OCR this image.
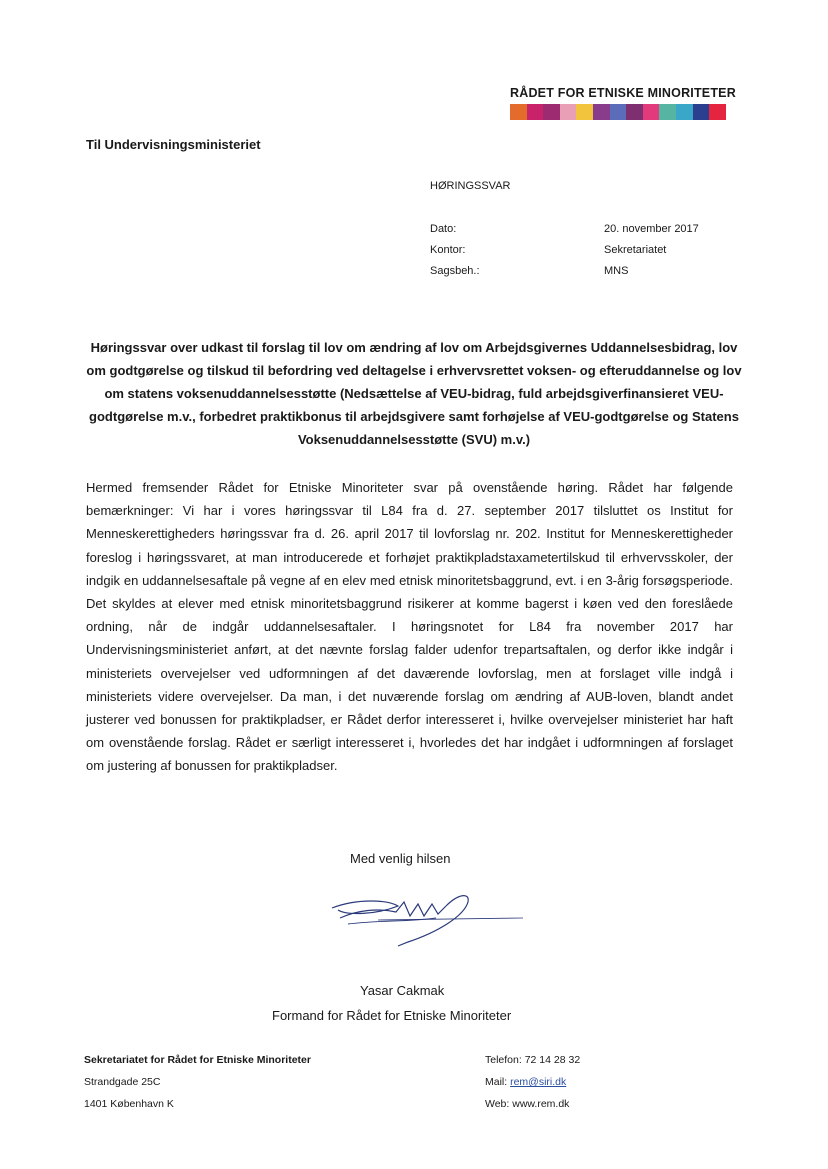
RÅDET FOR ETNISKE MINORITETER
Til Undervisningsministeriet
HØRINGSSVAR
Dato:	20. november 2017
Kontor:	Sekretariatet
Sagsbeh.:	MNS
Høringssvar over udkast til forslag til lov om ændring af lov om Arbejdsgivernes Uddannelsesbidrag, lov om godtgørelse og tilskud til befordring ved deltagelse i erhvervsrettet voksen- og efteruddannelse og lov om statens voksenuddannelsesstøtte (Nedsættelse af VEU-bidrag, fuld arbejdsgiverfinansieret VEU-godtgørelse m.v., forbedret praktikbonus til arbejdsgivere samt forhøjelse af VEU-godtgørelse og Statens Voksenuddannelsesstøtte (SVU) m.v.)

Hermed fremsender Rådet for Etniske Minoriteter svar på ovenstående høring. Rådet har følgende bemærkninger: Vi har i vores høringssvar til L84 fra d. 27. september 2017 tilsluttet os Institut for Menneskerettigheders høringssvar fra d. 26. april 2017 til lovforslag nr. 202. Institut for Menneskerettigheder foreslog i høringssvaret, at man introducerede et forhøjet praktikpladstaxametertilskud til erhvervsskoler, der indgik en uddannelsesaftale på vegne af en elev med etnisk minoritetsbaggrund, evt. i en 3-årig forsøgsperiode. Det skyldes at elever med etnisk minoritetsbaggrund risikerer at komme bagerst i køen ved den foreslåede ordning, når de indgår uddannelsesaftaler. I høringsnotet for L84 fra november 2017 har Undervisningsministeriet anført, at det nævnte forslag falder udenfor trepartsaftalen, og derfor ikke indgår i ministeriets overvejelser ved udformningen af det daværende lovforslag, men at forslaget ville indgå i ministeriets videre overvejelser. Da man, i det nuværende forslag om ændring af AUB-loven, blandt andet justerer ved bonussen for praktikpladser, er Rådet derfor interesseret i, hvilke overvejelser ministeriet har haft om ovenstående forslag. Rådet er særligt interesseret i, hvorledes det har indgået i udformningen af forslaget om justering af bonussen for praktikpladser.

Med venlig hilsen
Yasar Cakmak
Formand for Rådet for Etniske Minoriteter
Sekretariatet for Rådet for Etniske Minoriteter
Strandgade 25C
1401 København K
Telefon: 72 14 28 32
Mail: rem@siri.dk
Web: www.rem.dk
